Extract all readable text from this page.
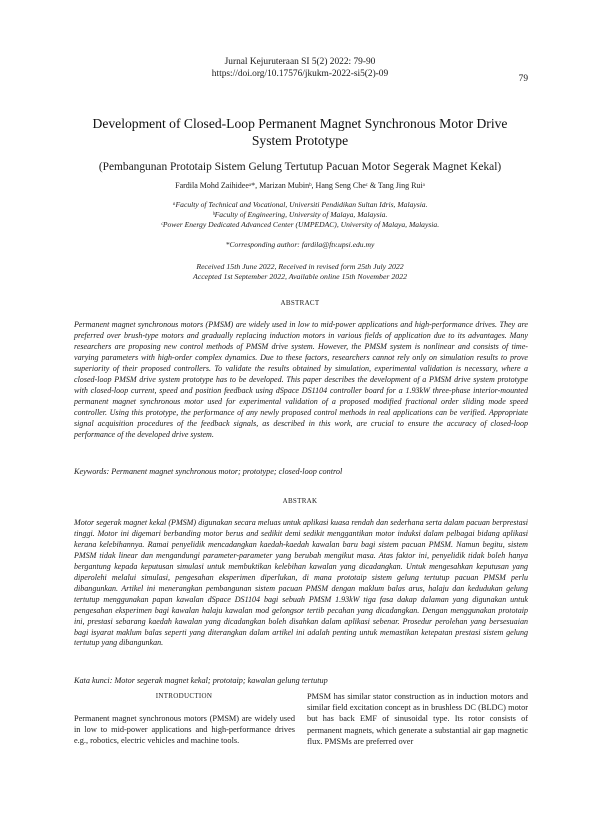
Jurnal Kejuruteraan SI 5(2) 2022: 79-90
https://doi.org/10.17576/jkukm-2022-si5(2)-09	79
Development of Closed-Loop Permanent Magnet Synchronous Motor Drive System Prototype
(Pembangunan Prototaip Sistem Gelung Tertutup Pacuan Motor Segerak Magnet Kekal)
Fardila Mohd Zaihideeᵃ*, Marizan Mubinᵇ, Hang Seng Cheᶜ & Tang Jing Ruiᵃ
ᵃFaculty of Technical and Vocational, Universiti Pendidikan Sultan Idris, Malaysia.
ᵇFaculty of Engineering, University of Malaya, Malaysia.
ᶜPower Energy Dedicated Advanced Center (UMPEDAC), University of Malaya, Malaysia.
*Corresponding author: fardila@ftv.upsi.edu.my
Received 15th June 2022, Received in revised form 25th July 2022
Accepted 1st September 2022, Available online 15th November 2022
ABSTRACT

Permanent magnet synchronous motors (PMSM) are widely used in low to mid-power applications and high-performance drives. They are preferred over brush-type motors and gradually replacing induction motors in various fields of application due to its advantages. Many researchers are proposing new control methods of PMSM drive system. However, the PMSM system is nonlinear and consists of time-varying parameters with high-order complex dynamics. Due to these factors, researchers cannot rely only on simulation results to prove superiority of their proposed controllers. To validate the results obtained by simulation, experimental validation is necessary, where a closed-loop PMSM drive system prototype has to be developed. This paper describes the development of a PMSM drive system prototype with closed-loop current, speed and position feedback using dSpace DS1104 controller board for a 1.93kW three-phase interior-mounted permanent magnet synchronous motor used for experimental validation of a proposed modified fractional order sliding mode speed controller. Using this prototype, the performance of any newly proposed control methods in real applications can be verified. Appropriate signal acquisition procedures of the feedback signals, as described in this work, are crucial to ensure the accuracy of closed-loop performance of the developed drive system.

Keywords: Permanent magnet synchronous motor; prototype; closed-loop control
ABSTRAK

Motor segerak magnet kekal (PMSM) digunakan secara meluas untuk aplikasi kuasa rendah dan sederhana serta dalam pacuan berprestasi tinggi. Motor ini digemari berbanding motor berus and sedikit demi sedikit menggantikan motor induksi dalam pelbagai bidang aplikasi kerana kelebihannya. Ramai penyelidik mencadangkan kaedah-kaedah kawalan baru bagi sistem pacuan PMSM. Namun begitu, sistem PMSM tidak linear dan mengandungi parameter-parameter yang berubah mengikut masa. Atas faktor ini, penyelidik tidak boleh hanya bergantung kepada keputusan simulasi untuk membuktikan kelebihan kawalan yang dicadangkan. Untuk mengesahkan keputusan yang diperolehi melalui simulasi, pengesahan eksperimen diperlukan, di mana prototaip sistem gelung tertutup pacuan PMSM perlu dibangunkan. Artikel ini menerangkan pembangunan sistem pacuan PMSM dengan maklum balas arus, halaju dan kedudukan gelung tertutup menggunakan papan kawalan dSpace DS1104 bagi sebuah PMSM 1.93kW tiga fasa dakap dalaman yang digunakan untuk pengesahan eksperimen bagi kawalan halaju kawalan mod gelongsor tertib pecahan yang dicadangkan. Dengan menggunakan prototaip ini, prestasi sebarang kaedah kawalan yang dicadangkan boleh disahkan dalam aplikasi sebenar. Prosedur perolehan yang bersesuaian bagi isyarat maklum balas seperti yang diterangkan dalam artikel ini adalah penting untuk memastikan ketepatan prestasi sistem gelung tertutup yang dibangunkan.

Kata kunci: Motor segerak magnet kekal; prototaip; kawalan gelung tertutup
INTRODUCTION

Permanent magnet synchronous motors (PMSM) are widely used in low to mid-power applications and high-performance drives e.g., robotics, electric vehicles and machine tools.

PMSM has similar stator construction as in induction motors and similar field excitation concept as in brushless DC (BLDC) motor but has back EMF of sinusoidal type. Its rotor consists of permanent magnets, which generate a substantial air gap magnetic flux. PMSMs are preferred over
